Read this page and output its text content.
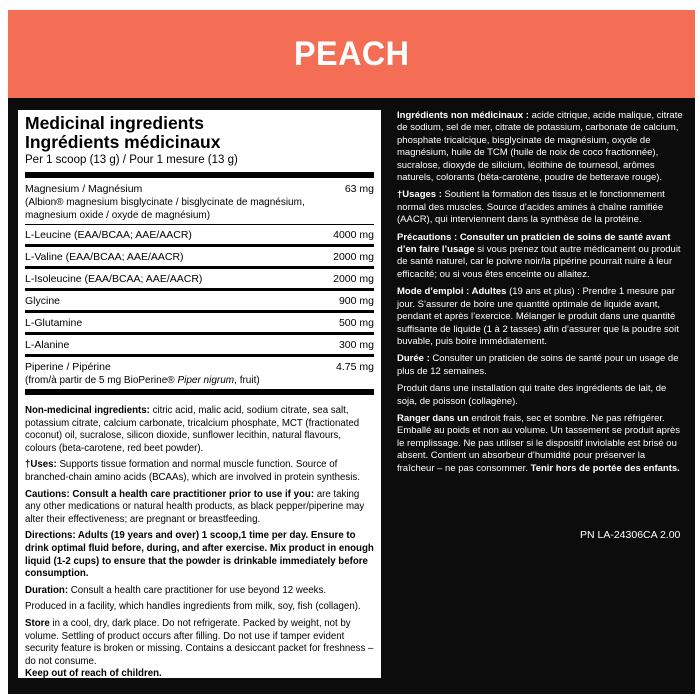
PEACH
Medicinal ingredients
Ingrédients médicinaux
Per 1 scoop (13 g) / Pour 1 mesure (13 g)
Magnesium / Magnésium
(Albion® magnesium bisglycinate / bisglycinate de magnésium, magnesium oxide / oxyde de magnésium)
63 mg
L-Leucine (EAA/BCAA; AAE/AACR)	4000 mg
L-Valine (EAA/BCAA; AAE/AACR)	2000 mg
L-Isoleucine (EAA/BCAA; AAE/AACR)	2000 mg
Glycine	900 mg
L-Glutamine	500 mg
L-Alanine	300 mg
Piperine / Pipérine
(from/à partir de 5 mg BioPerine® Piper nigrum, fruit)
4.75 mg

Non-medicinal ingredients: citric acid, malic acid, sodium citrate, sea salt, potassium citrate, calcium carbonate, tricalcium phosphate, MCT (fractionated coconut) oil, sucralose, silicon dioxide, sunflower lecithin, natural flavours, colours (beta-carotene, red beet powder).

†Uses: Supports tissue formation and normal muscle function. Source of branched-chain amino acids (BCAAs), which are involved in protein synthesis.

Cautions: Consult a health care practitioner prior to use if you: are taking any other medications or natural health products, as black pepper/piperine may alter their effectiveness; are pregnant or breastfeeding.

Directions: Adults (19 years and over) 1 scoop,1 time per day. Ensure to drink optimal fluid before, during, and after exercise. Mix product in enough liquid (1-2 cups) to ensure that the powder is drinkable immediately before consumption.

Duration: Consult a health care practitioner for use beyond 12 weeks.

Produced in a facility, which handles ingredients from milk, soy, fish (collagen).

Store in a cool, dry, dark place. Do not refrigerate. Packed by weight, not by volume. Settling of product occurs after filling. Do not use if tamper evident security feature is broken or missing. Contains a desiccant packet for freshness – do not consume.
Keep out of reach of children.

Ingrédients non médicinaux : acide citrique, acide malique, citrate de sodium, sel de mer, citrate de potassium, carbonate de calcium, phosphate tricalcique, bisglycinate de magnésium, oxyde de magnésium, huile de TCM (huile de noix de coco fractionnée), sucralose, dioxyde de silicium, lécithine de tournesol, arômes naturels, colorants (bêta-carotène, poudre de betterave rouge).

†Usages : Soutient la formation des tissus et le fonctionnement normal des muscles. Source d’acides aminés à chaîne ramifiée (AACR), qui interviennent dans la synthèse de la protéine.

Précautions : Consulter un praticien de soins de santé avant d’en faire l’usage si vous prenez tout autre médicament ou produit de santé naturel, car le poivre noir/la pipérine pourrait nuire à leur efficacité; ou si vous êtes enceinte ou allaitez.

Mode d’emploi : Adultes (19 ans et plus) : Prendre 1 mesure par jour. S’assurer de boire une quantité optimale de liquide avant, pendant et après l’exercice. Mélanger le produit dans une quantité suffisante de liquide (1 à 2 tasses) afin d’assurer que la poudre soit buvable, puis boire immédiatement.

Durée : Consulter un praticien de soins de santé pour un usage de plus de 12 semaines.

Produit dans une installation qui traite des ingrédients de lait, de soja, de poisson (collagène).

Ranger dans un endroit frais, sec et sombre. Ne pas réfrigérer. Emballé au poids et non au volume. Un tassement se produit après le remplissage. Ne pas utiliser si le dispositif inviolable est brisé ou absent. Contient un absorbeur d’humidité pour préserver la fraîcheur – ne pas consommer. Tenir hors de portée des enfants.

PN LA-24306CA 2.00
